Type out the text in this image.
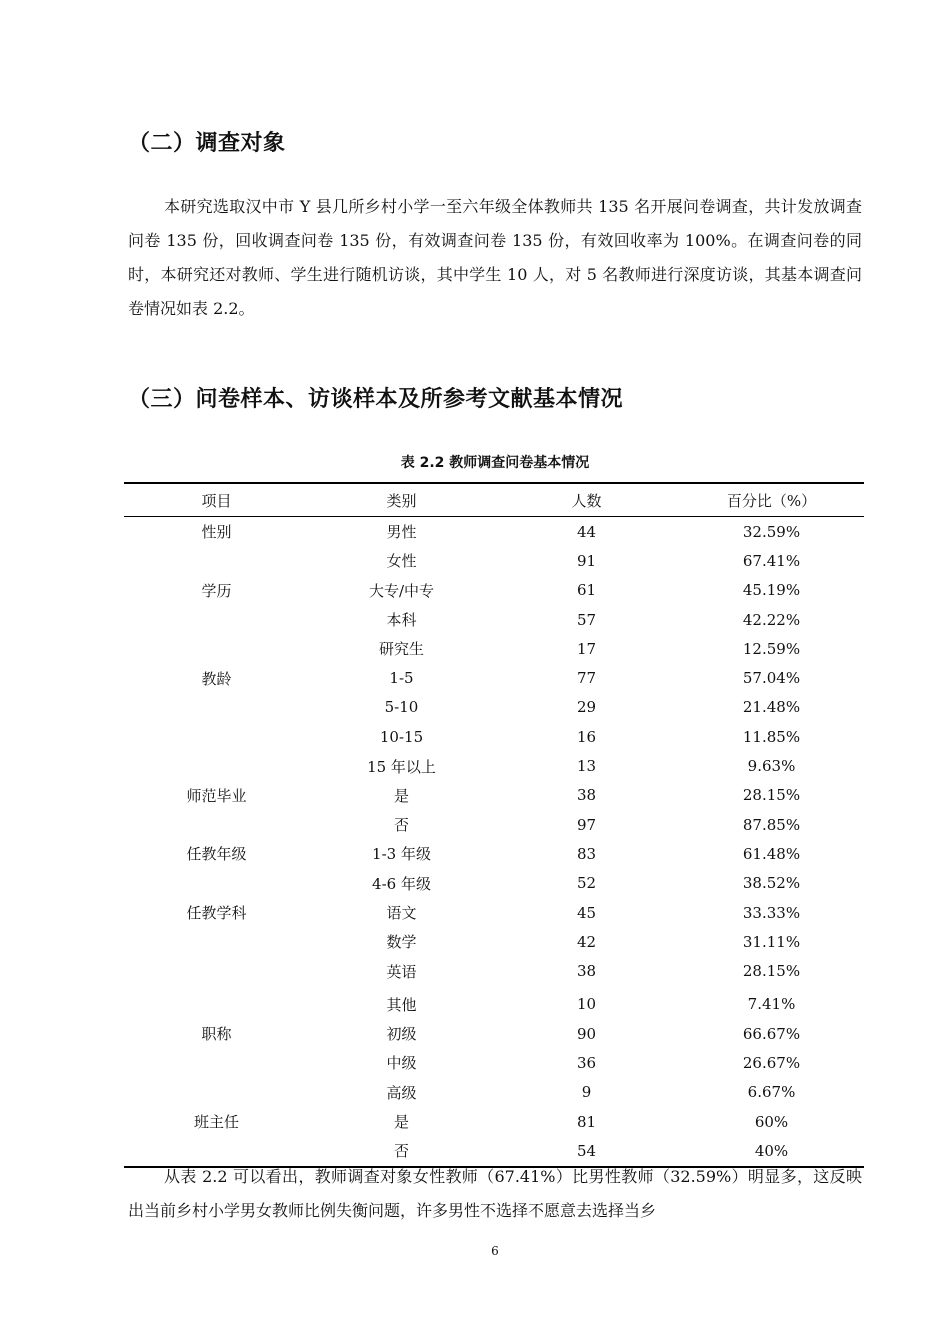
（二）调查对象

本研究选取汉中市 Y 县几所乡村小学一至六年级全体教师共 135 名开展问卷调查，共计发放调查问卷 135 份，回收调查问卷 135 份，有效调查问卷 135 份，有效回收率为 100%。在调查问卷的同时，本研究还对教师、学生进行随机访谈，其中学生 10 人，对 5 名教师进行深度访谈，其基本调查问卷情况如表 2.2。

（三）问卷样本、访谈样本及所参考文献基本情况
表 2.2 教师调查问卷基本情况
项目	类别	人数	百分比（%）
性别	男性	44	32.59%
	女性	91	67.41%
学历	大专/中专	61	45.19%
	本科	57	42.22%
	研究生	17	12.59%
教龄	1-5	77	57.04%
	5-10	29	21.48%
	10-15	16	11.85%
	15 年以上	13	9.63%
师范毕业	是	38	28.15%
	否	97	87.85%
任教年级	1-3 年级	83	61.48%
	4-6 年级	52	38.52%
任教学科	语文	45	33.33%
	数学	42	31.11%
	英语	38	28.15%
	其他	10	7.41%
职称	初级	90	66.67%
	中级	36	26.67%
	高级	9	6.67%
班主任	是	81	60%
	否	54	40%

从表 2.2 可以看出，教师调查对象女性教师（67.41%）比男性教师（32.59%）明显多，这反映出当前乡村小学男女教师比例失衡问题，许多男性不选择不愿意去选择当乡

6
